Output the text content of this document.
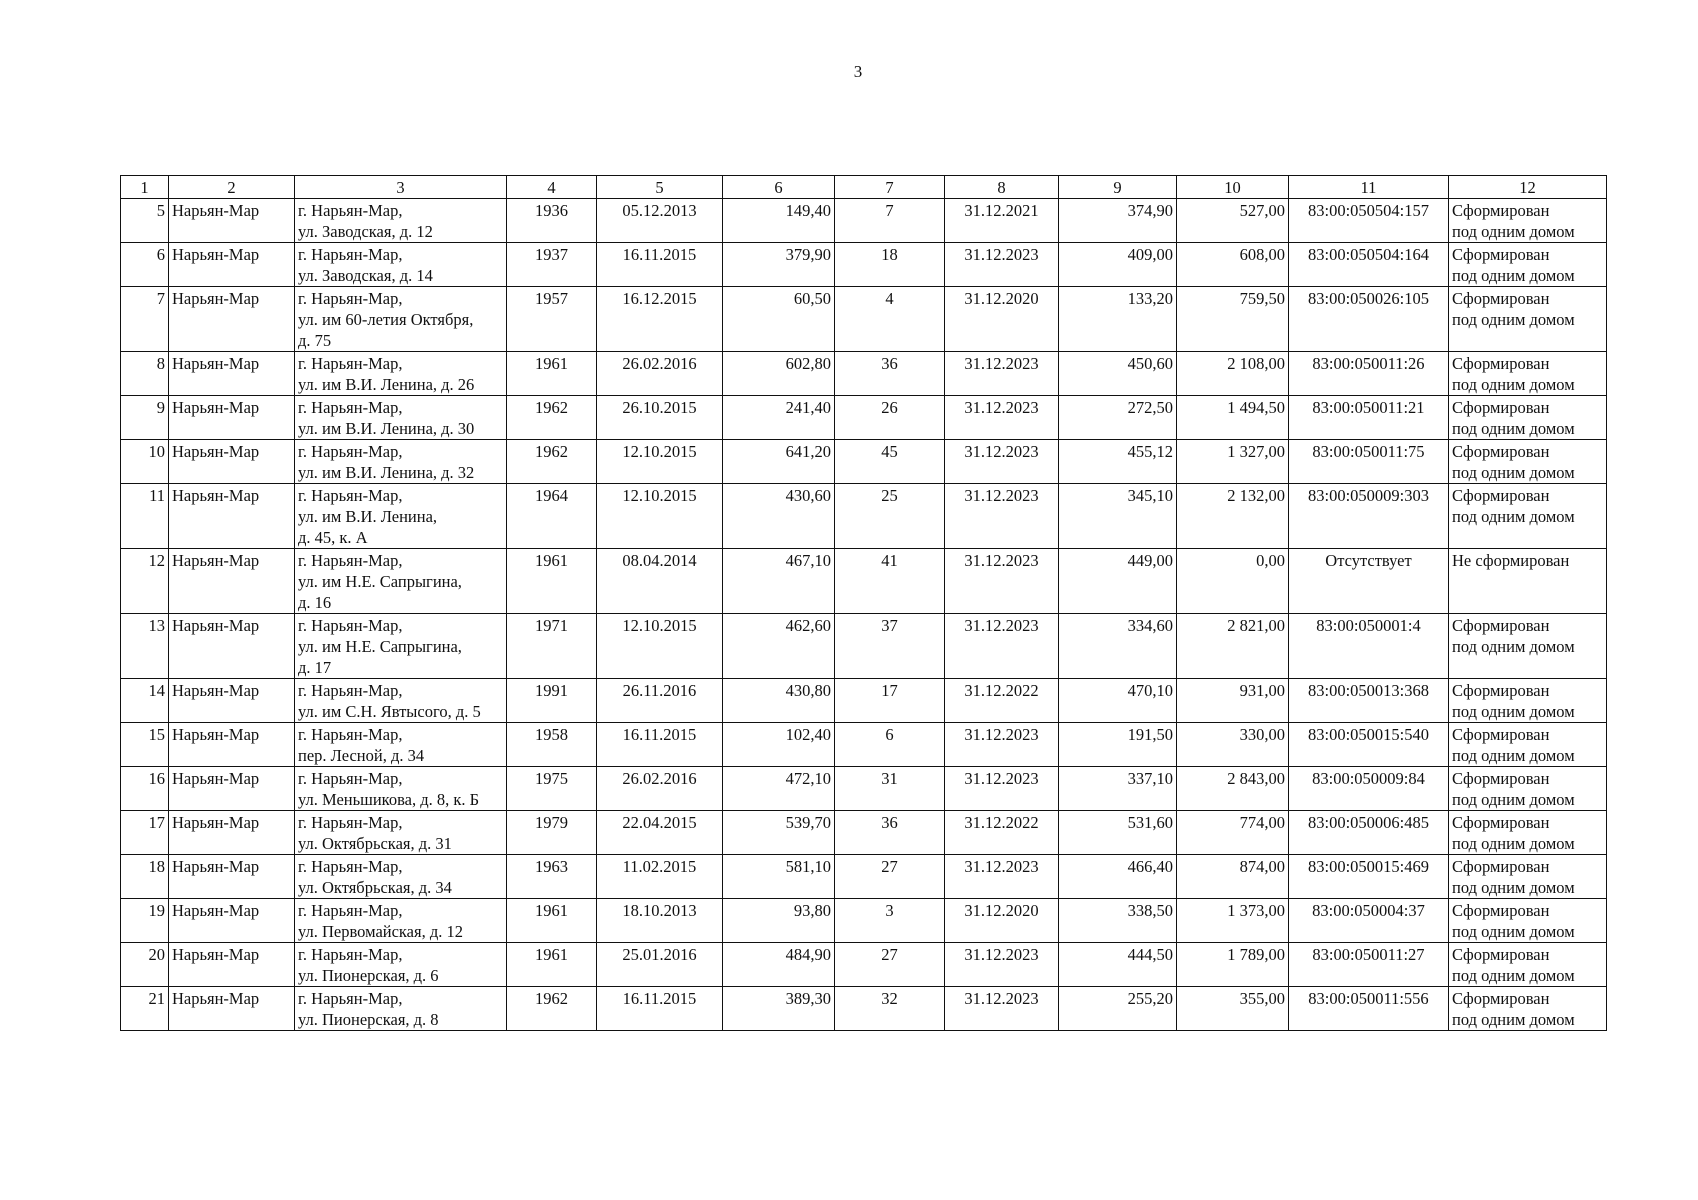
3
1	2	3	4	5	6	7	8	9	10	11	12
5	Нарьян-Мар	г. Нарьян-Мар,
ул. Заводская, д. 12	1936	05.12.2013	149,40	7	31.12.2021	374,90	527,00	83:00:050504:157	Сформирован
под одним домом

6	Нарьян-Мар	г. Нарьян-Мар,
ул. Заводская, д. 14	1937	16.11.2015	379,90	18	31.12.2023	409,00	608,00	83:00:050504:164	Сформирован
под одним домом

7	Нарьян-Мар	г. Нарьян-Мар,
ул. им 60-летия Октября,
д. 75	1957	16.12.2015	60,50	4	31.12.2020	133,20	759,50	83:00:050026:105	Сформирован
под одним домом

8	Нарьян-Мар	г. Нарьян-Мар,
ул. им В.И. Ленина, д. 26	1961	26.02.2016	602,80	36	31.12.2023	450,60	2 108,00	83:00:050011:26	Сформирован
под одним домом

9	Нарьян-Мар	г. Нарьян-Мар,
ул. им В.И. Ленина, д. 30	1962	26.10.2015	241,40	26	31.12.2023	272,50	1 494,50	83:00:050011:21	Сформирован
под одним домом

10	Нарьян-Мар	г. Нарьян-Мар,
ул. им В.И. Ленина, д. 32	1962	12.10.2015	641,20	45	31.12.2023	455,12	1 327,00	83:00:050011:75	Сформирован
под одним домом

11	Нарьян-Мар	г. Нарьян-Мар,
ул. им В.И. Ленина,
д. 45, к. А	1964	12.10.2015	430,60	25	31.12.2023	345,10	2 132,00	83:00:050009:303	Сформирован
под одним домом

12	Нарьян-Мар	г. Нарьян-Мар,
ул. им Н.Е. Сапрыгина,
д. 16	1961	08.04.2014	467,10	41	31.12.2023	449,00	0,00	Отсутствует	Не сформирован

13	Нарьян-Мар	г. Нарьян-Мар,
ул. им Н.Е. Сапрыгина,
д. 17	1971	12.10.2015	462,60	37	31.12.2023	334,60	2 821,00	83:00:050001:4	Сформирован
под одним домом

14	Нарьян-Мар	г. Нарьян-Мар,
ул. им С.Н. Явтысого, д. 5	1991	26.11.2016	430,80	17	31.12.2022	470,10	931,00	83:00:050013:368	Сформирован
под одним домом

15	Нарьян-Мар	г. Нарьян-Мар,
пер. Лесной, д. 34	1958	16.11.2015	102,40	6	31.12.2023	191,50	330,00	83:00:050015:540	Сформирован
под одним домом

16	Нарьян-Мар	г. Нарьян-Мар,
ул. Меньшикова, д. 8, к. Б	1975	26.02.2016	472,10	31	31.12.2023	337,10	2 843,00	83:00:050009:84	Сформирован
под одним домом

17	Нарьян-Мар	г. Нарьян-Мар,
ул. Октябрьская, д. 31	1979	22.04.2015	539,70	36	31.12.2022	531,60	774,00	83:00:050006:485	Сформирован
под одним домом

18	Нарьян-Мар	г. Нарьян-Мар,
ул. Октябрьская, д. 34	1963	11.02.2015	581,10	27	31.12.2023	466,40	874,00	83:00:050015:469	Сформирован
под одним домом

19	Нарьян-Мар	г. Нарьян-Мар,
ул. Первомайская, д. 12	1961	18.10.2013	93,80	3	31.12.2020	338,50	1 373,00	83:00:050004:37	Сформирован
под одним домом

20	Нарьян-Мар	г. Нарьян-Мар,
ул. Пионерская, д. 6	1961	25.01.2016	484,90	27	31.12.2023	444,50	1 789,00	83:00:050011:27	Сформирован
под одним домом

21	Нарьян-Мар	г. Нарьян-Мар,
ул. Пионерская, д. 8	1962	16.11.2015	389,30	32	31.12.2023	255,20	355,00	83:00:050011:556	Сформирован
под одним домом
